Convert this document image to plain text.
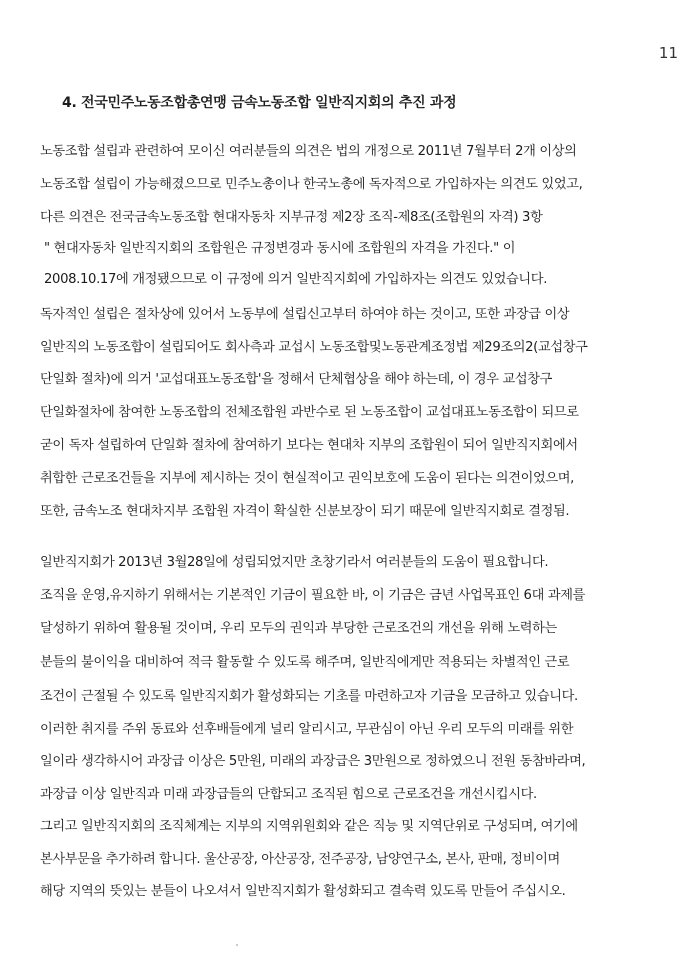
11
4. 전국민주노동조합총연맹 금속노동조합 일반직지회의 추진 과정
노동조합 설립과 관련하여 모이신 여러분들의 의견은 법의 개정으로 2011년 7월부터 2개 이상의
노동조합 설립이 가능해졌으므로 민주노총이나 한국노총에 독자적으로 가입하자는 의견도 있었고,
다른 의견은 전국금속노동조합 현대자동차 지부규정 제2장 조직-제8조(조합원의 자격) 3항
" 현대자동차 일반직지회의 조합원은 규정변경과 동시에 조합원의 자격을 가진다." 이
2008.10.17에 개정됐으므로 이 규정에 의거 일반직지회에 가입하자는 의견도 있었습니다.
독자적인 설립은 절차상에 있어서 노동부에 설립신고부터 하여야 하는 것이고, 또한 과장급 이상
일반직의 노동조합이 설립되어도 회사측과 교섭시 노동조합및노동관계조정법 제29조의2(교섭창구
단일화 절차)에 의거 '교섭대표노동조합'을 정해서 단체협상을 해야 하는데, 이 경우 교섭창구
단일화절차에 참여한 노동조합의 전체조합원 과반수로 된 노동조합이 교섭대표노동조합이 되므로
굳이 독자 설립하여 단일화 절차에 참여하기 보다는 현대차 지부의 조합원이 되어 일반직지회에서
취합한 근로조건들을 지부에 제시하는 것이 현실적이고 권익보호에 도움이 된다는 의견이었으며,
또한, 금속노조 현대차지부 조합원 자격이 확실한 신분보장이 되기 때문에 일반직지회로 결정됨.
일반직지회가 2013년 3월28일에 성립되었지만 초창기라서 여러분들의 도움이 필요합니다.
조직을 운영,유지하기 위해서는 기본적인 기금이 필요한 바, 이 기금은 금년 사업목표인 6대 과제를
달성하기 위하여 활용될 것이며, 우리 모두의 권익과 부당한 근로조건의 개선을 위해 노력하는
분들의 불이익을 대비하여 적극 활동할 수 있도록 해주며, 일반직에게만 적용되는 차별적인 근로
조건이 근절될 수 있도록 일반직지회가 활성화되는 기초를 마련하고자 기금을 모금하고 있습니다.
이러한 취지를 주위 동료와 선후배들에게 널리 알리시고, 무관심이 아닌 우리 모두의 미래를 위한
일이라 생각하시어 과장급 이상은 5만원, 미래의 과장급은 3만원으로 정하였으니 전원 동참바라며,
과장급 이상 일반직과 미래 과장급들의 단합되고 조직된 힘으로 근로조건을 개선시킵시다.
그리고 일반직지회의 조직체계는 지부의 지역위원회와 같은 직능 및 지역단위로 구성되며, 여기에
본사부문을 추가하려 합니다. 울산공장, 아산공장, 전주공장, 남양연구소, 본사, 판매, 정비이며
해당 지역의 뜻있는 분들이 나오셔서 일반직지회가 활성화되고 결속력 있도록 만들어 주십시오.
